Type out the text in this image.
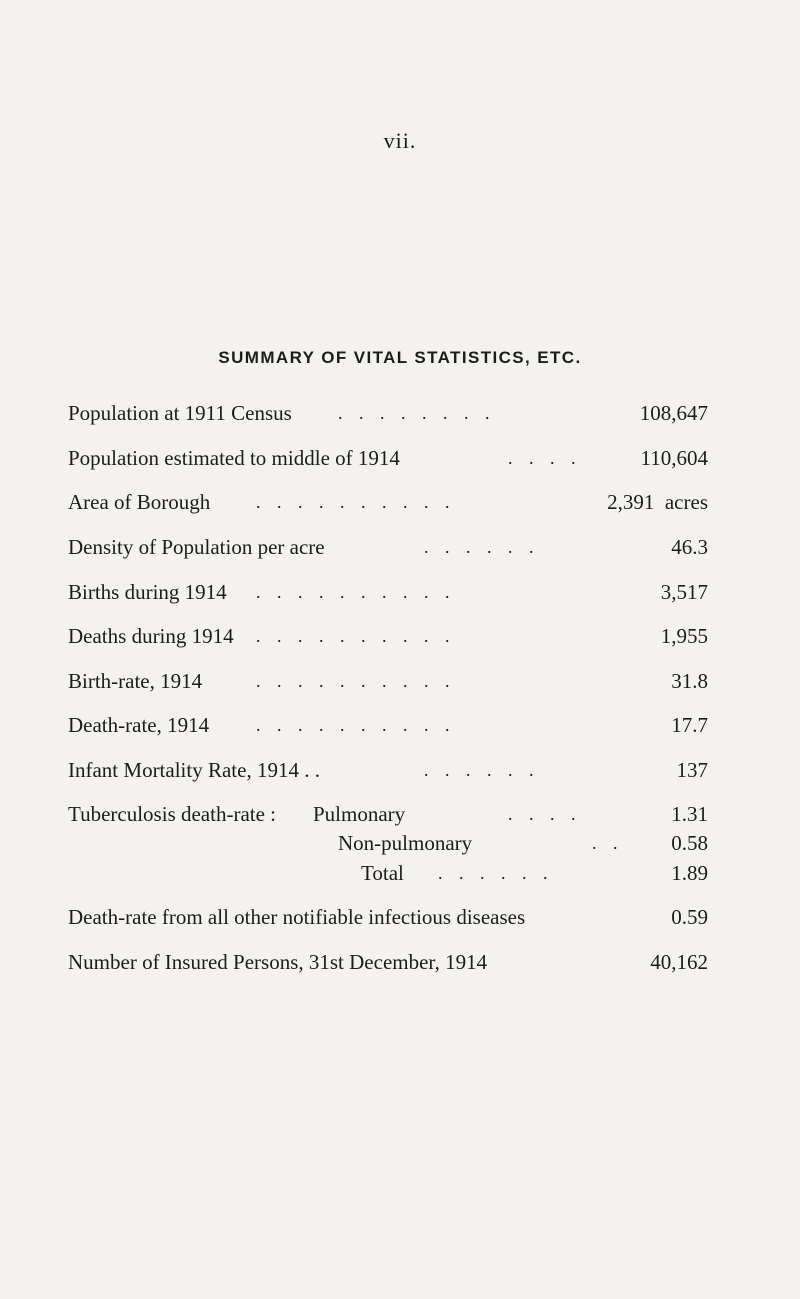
vii.
SUMMARY OF VITAL STATISTICS, ETC.
Population at 1911 Census	. . . . . . . .	108,647
Population estimated to middle of 1914	. . . .	110,604
Area of Borough	. . . . . . . . . .	2,391  acres
Density of Population per acre	. . . . . .	46.3
Births during 1914 . . . . . . . . . .	3,517
Deaths during 1914 . . . . . . . . . .	1,955
Birth-rate, 1914	. . . . . . . . . .	31.8
Death-rate, 1914	. . . . . . . . . .	17.7
Infant Mortality Rate, 1914 . .	. . . . . .	137
Tuberculosis death-rate : Pulmonary	. . . .	1.31
Non-pulmonary	. . 0.58
Total . . . . . .	1.89
Death-rate from all other notifiable infectious diseases	0.59
Number of Insured Persons, 31st December, 1914	40,162
